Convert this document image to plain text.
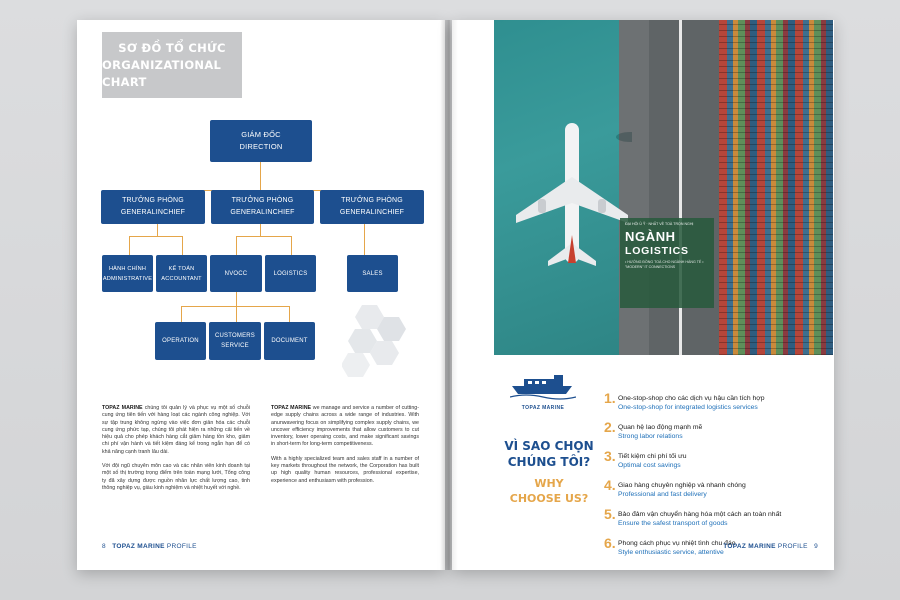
SƠ ĐỒ TỔ CHỨC
ORGANIZATIONAL CHART
GIÁM ĐỐC
DIRECTION
TRƯỞNG PHÒNG
GENERALINCHIEF
TRƯỞNG PHÒNG
GENERALINCHIEF
TRƯỞNG PHÒNG
GENERALINCHIEF
HÀNH CHÍNH
ADMINISTRATIVE
KẾ TOÁN
ACCOUNTANT
NVOCC	LOGISTICS	SALES
OPERATION
CUSTOMERS
SERVICE
DOCUMENT

TOPAZ MARINE chúng tôi quản lý và phục vụ một số chuỗi cung ứng tiên tiến với hàng loạt các ngành công nghiệp. Với sự tập trung không ngừng vào việc đơn giản hóa các chuỗi cung ứng phức tạp, chúng tôi phát hiện ra những cải tiến về hiệu quả cho phép khách hàng cắt giảm hàng tồn kho, giảm chi phí vận hành và tiết kiệm đáng kể trong ngắn hạn để có khả năng cạnh tranh lâu dài.

Với đội ngũ chuyên môn cao và các nhân viên kinh doanh tại một số thị trường trọng điểm trên toàn mạng lưới, Tổng công ty đã xây dựng được nguồn nhân lực chất lượng cao, tinh thông nghiệp vụ, giàu kinh nghiệm và nhiệt huyết với nghề.

TOPAZ MARINE we manage and service a number of cutting-edge supply chains across a wide range of industries. With anunwavering focus on simplifying complex supply chains, we uncover efficiency improvements that allow customers to cut inventory, lower operaing costs, and make significant savings in short-term for long-term competitiveness.

With a highly specialized team and sales staff in a number of key markets throughout the network, the Corporation has built up high quality human resources, professional expertise, experience and enthusiasm with profession.

8 TOPAZ MARINE PROFILE
ĐẠI HỘI Ủ Ỹ · NHẤT VỀ TOÀ TRỌN NGHỊ
NGÀNH
LOGISTICS
• HƯỚNG ĐỒNG TOÀ CHO NGÀNH HÀNG TẾ • "MODERN" IT CONNECTIONS
TOPAZ MARINE
VÌ SAO CHỌN
CHÚNG TÔI?
WHY
CHOOSE US?
1. One-stop-shop cho các dịch vụ hậu cần tích hợp
One-stop-shop for integrated logistics services
2. Quan hệ lao động mạnh mẽ
Strong labor relations
3. Tiết kiệm chi phí tối ưu
Optimal cost savings
4. Giao hàng chuyên nghiệp và nhanh chóng
Professional and fast delivery
5. Bảo đảm vận chuyển hàng hóa một cách an toàn nhất
Ensure the safest transport of goods
6. Phong cách phục vụ nhiệt tình chu đáo
Style enthusiastic service, attentive
TOPAZ MARINE PROFILE 9
